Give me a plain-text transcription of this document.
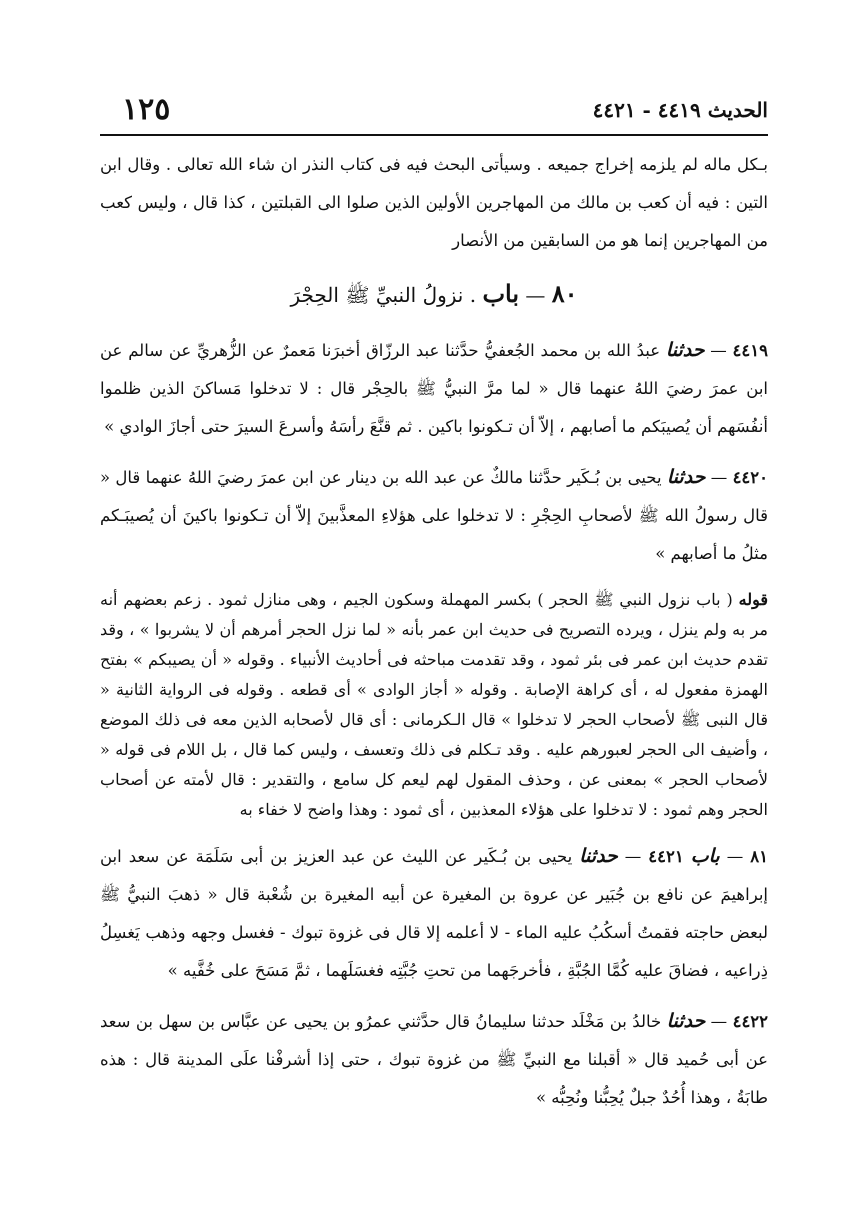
١٢٥	الحديث ٤٤١٩ - ٤٤٢١

بـكل ماله لم يلزمه إخراج جميعه . وسيأتى البحث فيه فى كتاب النذر ان شاء الله تعالى . وقال ابن التين : فيه أن كعب بن مالك من المهاجرين الأولين الذين صلوا الى القبلتين ، كذا قال ، وليس كعب من المهاجرين إنما هو من السابقين من الأنصار

٨٠ — باب . نزولُ النبيِّ ﷺ الحِجْرَ

٤٤١٩ — حدثنا عبدُ الله بن محمد الجُعفيُّ حدَّثنا عبد الرزّاق أخبرَنا مَعمرٌ عن الزُّهريِّ عن سالم عن ابن عمرَ رضيَ اللهُ عنهما قال « لما مرَّ النبيُّ ﷺ بالحِجْر قال : لا تدخلوا مَساكنَ الذين ظلموا أنفُسَهم أن يُصيبَكم ما أصابهم ، إلاّ أن تـكونوا باكين . ثم قنَّعَ رأسَهُ وأسرعَ السيرَ حتى أجازَ الوادي »

٤٤٢٠ — حدثنا يحيى بن بُـكَير حدَّثنا مالكٌ عن عبد الله بن دينار عن ابن عمرَ رضيَ اللهُ عنهما قال « قال رسولُ الله ﷺ لأصحابِ الحِجْرِ : لا تدخلوا على هؤلاءِ المعذَّبينَ إلاّ أن تـكونوا باكينَ أن يُصيبَـكم مثلُ ما أصابهم »

قوله ( باب نزول النبي ﷺ الحجر ) بكسر المهملة وسكون الجيم ، وهى منازل ثمود . زعم بعضهم أنه مر به ولم ينزل ، ويرده التصريح فى حديث ابن عمر بأنه « لما نزل الحجر أمرهم أن لا يشربوا » ، وقد تقدم حديث ابن عمر فى بئر ثمود ، وقد تقدمت مباحثه فى أحاديث الأنبياء . وقوله « أن يصيبكم » بفتح الهمزة مفعول له ، أى كراهة الإصابة . وقوله « أجاز الوادى » أى قطعه . وقوله فى الرواية الثانية « قال النبى ﷺ لأصحاب الحجر لا تدخلوا » قال الـكرمانى : أى قال لأصحابه الذين معه فى ذلك الموضع ، وأضيف الى الحجر لعبورهم عليه . وقد تـكلم فى ذلك وتعسف ، وليس كما قال ، بل اللام فى قوله « لأصحاب الحجر » بمعنى عن ، وحذف المقول لهم ليعم كل سامع ، والتقدير : قال لأمته عن أصحاب الحجر وهم ثمود : لا تدخلوا على هؤلاء المعذبين ، أى ثمود : وهذا واضح لا خفاء به

٨١ — باب ٤٤٢١ — حدثنا يحيى بن بُـكَير عن الليث عن عبد العزيز بن أبى سَلَمَة عن سعد ابن إبراهيمَ عن نافع بن جُبَير عن عروة بن المغيرة عن أبيه المغيرة بن شُعْبة قال « ذهبَ النبيُّ ﷺ لبعض حاجته فقمتُ أسكُبُ عليه الماء - لا أعلمه إلا قال فى غزوة تبوك - فغسل وجهه وذهب يَغسِلُ ذِراعيه ، فضاقَ عليه كُمَّا الجُبَّةِ ، فأخرجَهما من تحتِ جُبَّتِه فغسَلَهما ، ثمَّ مَسَحَ على خُفَّيه »

٤٤٢٢ — حدثنا خالدُ بن مَخْلَد حدثنا سليمانُ قال حدَّثني عمرُو بن يحيى عن عبَّاس بن سهل بن سعد عن أبى حُميد قال « أقبلنا مع النبيِّ ﷺ من غزوة تبوك ، حتى إذا أشرفْنا علَى المدينة قال : هذه طابَةُ ، وهذا أُحُدٌ جبلٌ يُحِبُّنا ونُحِبُّه »
